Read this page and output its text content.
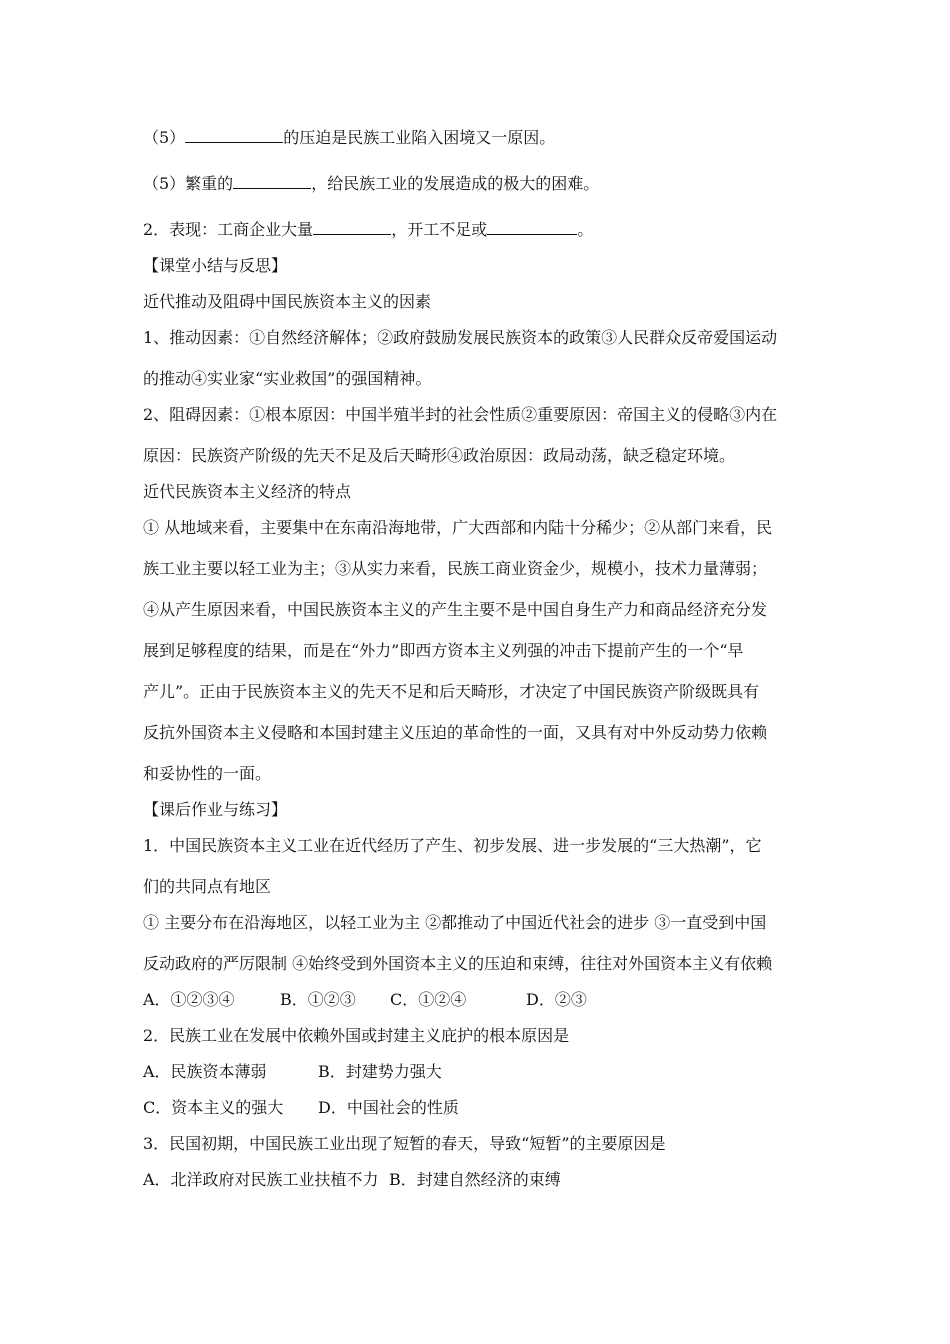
（5）	的压迫是民族工业陷入困境又一原因。
（5）繁重的	，给民族工业的发展造成的极大的困难。
2．表现：工商企业大量	，开工不足或	。
【课堂小结与反思】
近代推动及阻碍中国民族资本主义的因素
1、推动因素：①自然经济解体；②政府鼓励发展民族资本的政策③人民群众反帝爱国运动
的推动④实业家“实业救国”的强国精神。
2、阻碍因素：①根本原因：中国半殖半封的社会性质②重要原因：帝国主义的侵略③内在
原因：民族资产阶级的先天不足及后天畸形④政治原因：政局动荡，缺乏稳定环境。
近代民族资本主义经济的特点
① 从地域来看，主要集中在东南沿海地带，广大西部和内陆十分稀少；②从部门来看，民
族工业主要以轻工业为主；③从实力来看，民族工商业资金少，规模小，技术力量薄弱；
④从产生原因来看，中国民族资本主义的产生主要不是中国自身生产力和商品经济充分发
展到足够程度的结果，而是在“外力”即西方资本主义列强的冲击下提前产生的一个“早
产儿”。正由于民族资本主义的先天不足和后天畸形，才决定了中国民族资产阶级既具有
反抗外国资本主义侵略和本国封建主义压迫的革命性的一面，又具有对中外反动势力依赖
和妥协性的一面。
【课后作业与练习】
1．中国民族资本主义工业在近代经历了产生、初步发展、进一步发展的“三大热潮”，它
们的共同点有地区
① 主要分布在沿海地区，以轻工业为主 ②都推动了中国近代社会的进步 ③一直受到中国
反动政府的严厉限制 ④始终受到外国资本主义的压迫和束缚，往往对外国资本主义有依赖
A．①②③④	B．①②③ C．①②④	D．②③
2．民族工业在发展中依赖外国或封建主义庇护的根本原因是
A．民族资本薄弱	B．封建势力强大
C．资本主义的强大 D．中国社会的性质
3．民国初期，中国民族工业出现了短暂的春天，导致“短暂”的主要原因是
A．北洋政府对民族工业扶植不力 B．封建自然经济的束缚
